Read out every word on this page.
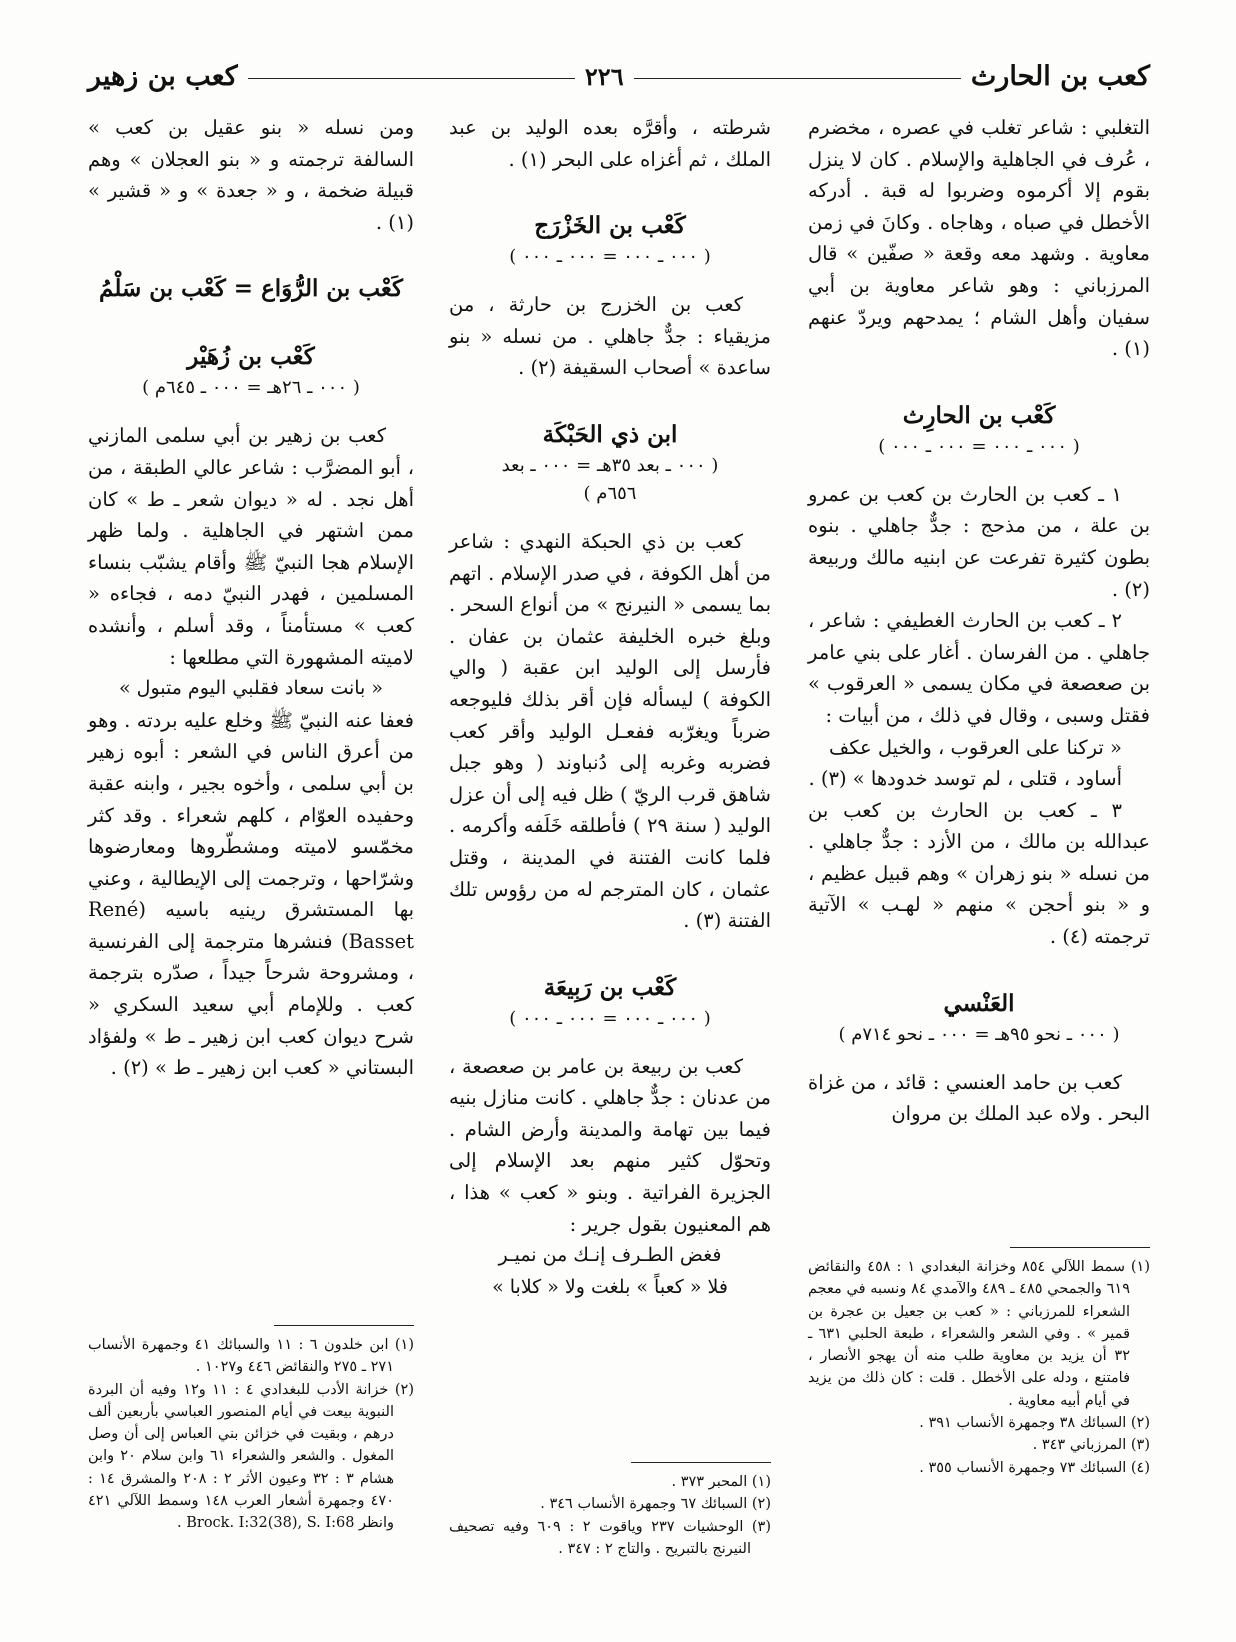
كعب بن الحارث
٢٢٦
كعب بن زهير

التغلبي : شاعر تغلب في عصره ، مخضرم ، عُرف في الجاهلية والإسلام . كان لا ينزل بقوم إلا أكرموه وضربوا له قبة . أدركه الأخطل في صباه ، وهاجاه . وكانَ في زمن معاوية . وشهد معه وقعة « صفّين » قال المرزباني : وهو شاعر معاوية بن أبي سفيان وأهل الشام ؛ يمدحهم ويردّ عنهم (١) .

كَعْب بن الحارِث
( ٠٠٠ ـ ٠٠٠ = ٠٠٠ ـ ٠٠٠ )

١ ـ كعب بن الحارث بن كعب بن عمرو بن علة ، من مذحج : جدٌّ جاهلي . بنوه بطون كثيرة تفرعت عن ابنيه مالك وربيعة (٢) .

٢ ـ كعب بن الحارث الغطيفي : شاعر ، جاهلي . من الفرسان . أغار على بني عامر بن صعصعة في مكان يسمى « العرقوب » فقتل وسبى ، وقال في ذلك ، من أبيات :

« تركنا على العرقوب ، والخيل عكف

أساود ، قتلى ، لم توسد خدودها » (٣) .

٣ ـ كعب بن الحارث بن كعب بن عبدالله بن مالك ، من الأزد : جدٌّ جاهلي . من نسله « بنو زهران » وهم قبيل عظيم ، و « بنو أحجن » منهم « لهـب » الآتية ترجمته (٤) .

العَنْسي
( ٠٠٠ ـ نحو ٩٥هـ = ٠٠٠ ـ نحو ٧١٤م )

كعب بن حامد العنسي : قائد ، من غزاة البحر . ولاه عبد الملك بن مروان

شرطته ، وأقرَّه بعده الوليد بن عبد الملك ، ثم أغزاه على البحر (١) .

كَعْب بن الخَزْرَج
( ٠٠٠ ـ ٠٠٠ = ٠٠٠ ـ ٠٠٠ )

كعب بن الخزرج بن حارثة ، من مزيقياء : جدٌّ جاهلي . من نسله « بنو ساعدة » أصحاب السقيفة (٢) .

ابن ذي الحَبْكَة
( ٠٠٠ ـ بعد ٣٥هـ = ٠٠٠ ـ بعد
٦٥٦م )

كعب بن ذي الحبكة النهدي : شاعر من أهل الكوفة ، في صدر الإسلام . اتهم بما يسمى « النيرنج » من أنواع السحر . وبلغ خبره الخليفة عثمان بن عفان . فأرسل إلى الوليد ابن عقبة ( والي الكوفة ) ليسأله فإن أقر بذلك فليوجعه ضرباً ويغرّبه ففعـل الوليد وأقر كعب فضربه وغربه إلى دُنباوند ( وهو جبل شاهق قرب الريّ ) ظل فيه إلى أن عزل الوليد ( سنة ٢٩ ) فأطلقه خَلَفه وأكرمه . فلما كانت الفتنة في المدينة ، وقتل عثمان ، كان المترجم له من رؤوس تلك الفتنة (٣) .

كَعْب بن رَبِيعَة
( ٠٠٠ ـ ٠٠٠ = ٠٠٠ ـ ٠٠٠ )

كعب بن ربيعة بن عامر بن صعصعة ، من عدنان : جدٌّ جاهلي . كانت منازل بنيه فيما بين تهامة والمدينة وأرض الشام . وتحوّل كثير منهم بعد الإسلام إلى الجزيرة الفراتية . وبنو « كعب » هذا ، هم المعنيون بقول جرير :

فغض الطـرف إنـك من نميـر

فلا « كعباً » بلغت ولا « كلابا »

ومن نسله « بنو عقيل بن كعب » السالفة ترجمته و « بنو العجلان » وهم قبيلة ضخمة ، و « جعدة » و « قشير » (١) .

كَعْب بن الرُّوَاع = كَعْب بن سَلْمُ
كَعْب بن زُهَيْر
( ٠٠٠ ـ ٢٦هـ = ٠٠٠ ـ ٦٤٥م )

كعب بن زهير بن أبي سلمى المازني ، أبو المضرَّب : شاعر عالي الطبقة ، من أهل نجد . له « ديوان شعر ـ ط » كان ممن اشتهر في الجاهلية . ولما ظهر الإسلام هجا النبيّ ﷺ وأقام يشبّب بنساء المسلمين ، فهدر النبيّ دمه ، فجاءه « كعب » مستأمناً ، وقد أسلم ، وأنشده لاميته المشهورة التي مطلعها :

« بانت سعاد فقلبي اليوم متبول »

فعفا عنه النبيّ ﷺ وخلع عليه بردته . وهو من أعرق الناس في الشعر : أبوه زهير بن أبي سلمى ، وأخوه بجير ، وابنه عقبة وحفيده العوّام ، كلهم شعراء . وقد كثر مخمّسو لاميته ومشطّروها ومعارضوها وشرّاحها ، وترجمت إلى الإيطالية ، وعني بها المستشرق رينيه باسيه (René Basset) فنشرها مترجمة إلى الفرنسية ، ومشروحة شرحاً جيداً ، صدّره بترجمة كعب . وللإمام أبي سعيد السكري « شرح ديوان كعب ابن زهير ـ ط » ولفؤاد البستاني « كعب ابن زهير ـ ط » (٢) .

(١) سمط اللآلي ٨٥٤ وخزانة البغدادي ١ : ٤٥٨ والنقائض ٦١٩ والجمحي ٤٨٥ ـ ٤٨٩ والآمدي ٨٤ ونسبه في معجم الشعراء للمرزباني : « كعب بن جعيل بن عجرة بن قمير » . وفي الشعر والشعراء ، طبعة الحلبي ٦٣١ ـ ٣٢ أن يزيد بن معاوية طلب منه أن يهجو الأنصار ، فامتنع ، ودله على الأخطل . قلت : كان ذلك من يزيد في أيام أبيه معاوية .

(٢) السبائك ٣٨ وجمهرة الأنساب ٣٩١ .

(٣) المرزباني ٣٤٣ .

(٤) السبائك ٧٣ وجمهرة الأنساب ٣٥٥ .

(١) المحبر ٣٧٣ .

(٢) السبائك ٦٧ وجمهرة الأنساب ٣٤٦ .

(٣) الوحشيات ٢٣٧ وياقوت ٢ : ٦٠٩ وفيه تصحيف النيرنج بالتبريح . والتاج ٢ : ٣٤٧ .

(١) ابن خلدون ٦ : ١١ والسبائك ٤١ وجمهرة الأنساب ٢٧١ ـ ٢٧٥ والنقائض ٤٤٦ و١٠٢٧ .

(٢) خزانة الأدب للبغدادي ٤ : ١١ و١٢ وفيه أن البردة النبوية بيعت في أيام المنصور العباسي بأربعين ألف درهم ، وبقيت في خزائن بني العباس إلى أن وصل المغول . والشعر والشعراء ٦١ وابن سلام ٢٠ وابن هشام ٣ : ٣٢ وعيون الأثر ٢ : ٢٠٨ والمشرق ١٤ : ٤٧٠ وجمهرة أشعار العرب ١٤٨ وسمط اللآلي ٤٢١ وانظر Brock. I:32(38), S. I:68 .
